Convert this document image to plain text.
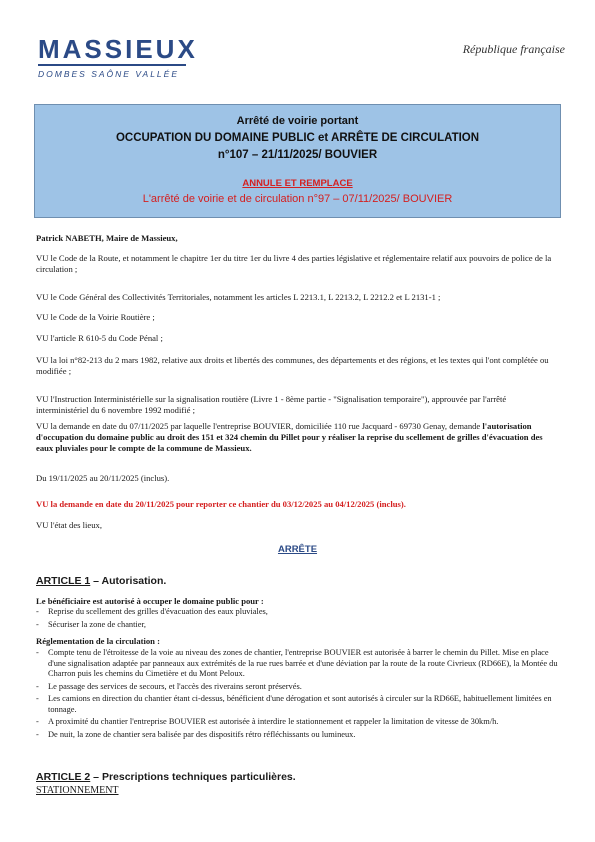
MASSIEUX
DOMBES SAÔNE VALLÉE
République française
Arrêté de voirie portant
OCCUPATION DU DOMAINE PUBLIC et ARRÊTE DE CIRCULATION
n°107 – 21/11/2025/ BOUVIER
ANNULE ET REMPLACE
L'arrêté de voirie et de circulation n°97 – 07/11/2025/ BOUVIER
Patrick NABETH, Maire de Massieux,
VU le Code de la Route, et notamment le chapitre 1er du titre 1er du livre 4 des parties législative et réglementaire relatif aux pouvoirs de police de la circulation ;
VU le Code Général des Collectivités Territoriales, notamment les articles L 2213.1, L 2213.2, L 2212.2 et L 2131-1 ;
VU le Code de la Voirie Routière ;
VU l'article R 610-5 du Code Pénal ;
VU la loi n°82-213 du 2 mars 1982, relative aux droits et libertés des communes, des départements et des régions, et les textes qui l'ont complétée ou modifiée ;
VU l'Instruction Interministérielle sur la signalisation routière (Livre 1 - 8ème partie - "Signalisation temporaire"), approuvée par l'arrêté interministériel du 6 novembre 1992 modifié ;
VU la demande en date du 07/11/2025 par laquelle l'entreprise BOUVIER, domiciliée 110 rue Jacquard - 69730 Genay, demande l'autorisation d'occupation du domaine public au droit des 151 et 324 chemin du Pillet pour y réaliser la reprise du scellement de grilles d'évacuation des eaux pluviales pour le compte de la commune de Massieux.
Du 19/11/2025 au 20/11/2025 (inclus).
VU la demande en date du 20/11/2025 pour reporter ce chantier du 03/12/2025 au 04/12/2025 (inclus).
VU l'état des lieux,
ARRÊTE
ARTICLE 1 – Autorisation.
Le bénéficiaire est autorisé à occuper le domaine public pour :
- Reprise du scellement des grilles d'évacuation des eaux pluviales,
- Sécuriser la zone de chantier,
Réglementation de la circulation :
- Compte tenu de l'étroitesse de la voie au niveau des zones de chantier, l'entreprise BOUVIER est autorisée à barrer le chemin du Pillet. Mise en place d'une signalisation adaptée par panneaux aux extrémités de la rue rues barrée et d'une déviation par la route de la route Civrieux (RD66E), la Montée du Charron puis les chemins du Cimetière et du Mont Peloux.
- Le passage des services de secours, et l'accès des riverains seront préservés.
- Les camions en direction du chantier étant ci-dessus, bénéficient d'une dérogation et sont autorisés à circuler sur la RD66E, habituellement limitées en tonnage.
- A proximité du chantier l'entreprise BOUVIER est autorisée à interdire le stationnement et rappeler la limitation de vitesse de 30km/h.
- De nuit, la zone de chantier sera balisée par des dispositifs rétro réfléchissants ou lumineux.
ARTICLE 2 – Prescriptions techniques particulières.
STATIONNEMENT
